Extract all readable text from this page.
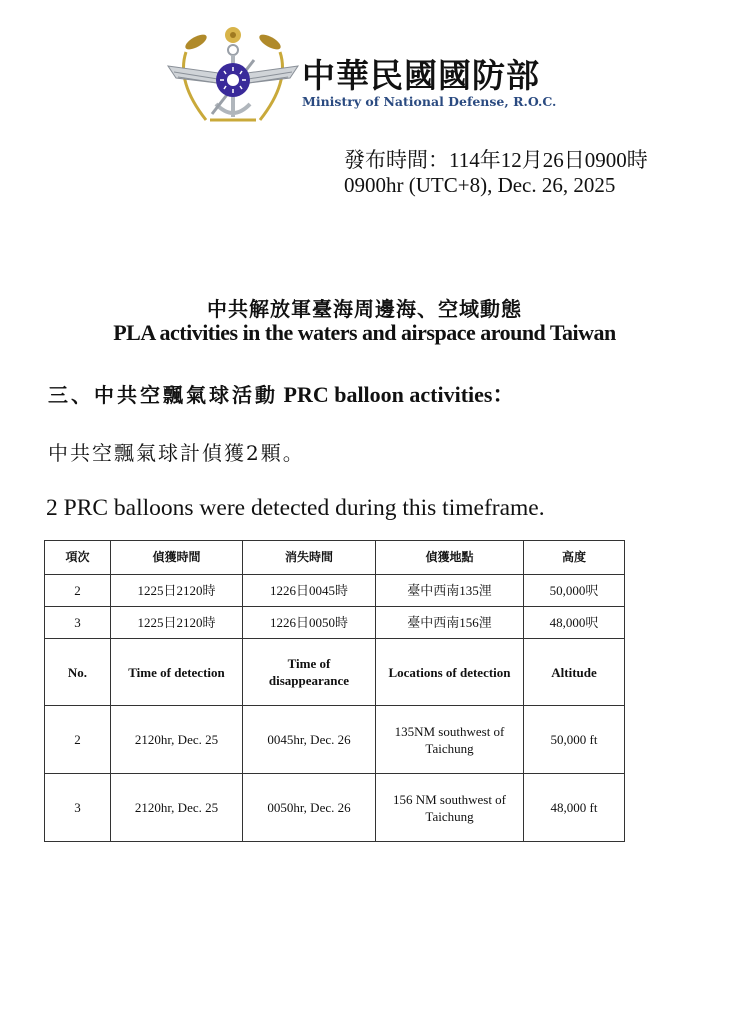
中華民國國防部
Ministry of National Defense, R.O.C.
發布時間：114年12月26日0900時
0900hr (UTC+8), Dec. 26, 2025
中共解放軍臺海周邊海、空域動態
PLA activities in the waters and airspace around Taiwan
三、中共空飄氣球活動 PRC balloon activities：
中共空飄氣球計偵獲2顆。
2 PRC balloons were detected during this timeframe.
項次	偵獲時間	消失時間	偵獲地點	高度
2	1225日2120時	1226日0045時	臺中西南135浬	50,000呎
3	1225日2120時	1226日0050時	臺中西南156浬	48,000呎
No.	Time of detection	Time of disappearance	Locations of detection	Altitude
2	2120hr, Dec. 25	0045hr, Dec. 26	135NM southwest of Taichung	50,000 ft
3	2120hr, Dec. 25	0050hr, Dec. 26	156 NM southwest of Taichung	48,000 ft
